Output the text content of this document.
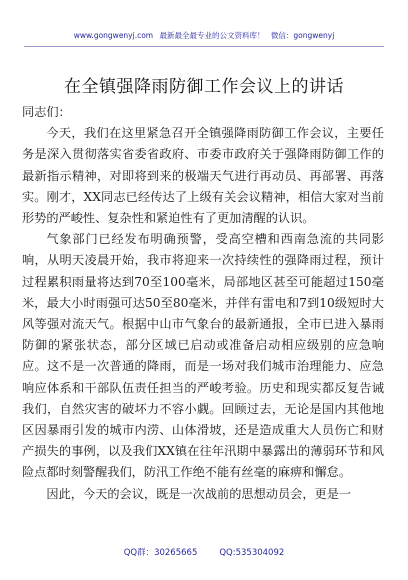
www.gongwenyj.com 最新最全最专业的公文资料库！ 微信：gongwenyj
在全镇强降雨防御工作会议上的讲话

同志们：

今天，我们在这里紧急召开全镇强降雨防御工作会议，主要任务是深入贯彻落实省委省政府、市委市政府关于强降雨防御工作的最新指示精神，对即将到来的极端天气进行再动员、再部署、再落实。刚才，XX同志已经传达了上级有关会议精神，相信大家对当前形势的严峻性、复杂性和紧迫性有了更加清醒的认识。

气象部门已经发布明确预警，受高空槽和西南急流的共同影响，从明天凌晨开始，我市将迎来一次持续性的强降雨过程，预计过程累积雨量将达到70至100毫米，局部地区甚至可能超过150毫米，最大小时雨强可达50至80毫米，并伴有雷电和7到10级短时大风等强对流天气。根据中山市气象台的最新通报，全市已进入暴雨防御的紧张状态，部分区域已启动或准备启动相应级别的应急响应。这不是一次普通的降雨，而是一场对我们城市治理能力、应急响应体系和干部队伍责任担当的严峻考验。历史和现实都反复告诫我们，自然灾害的破坏力不容小觑。回顾过去，无论是国内其他地区因暴雨引发的城市内涝、山体滑坡，还是造成重大人员伤亡和财产损失的事例，以及我们XX镇在往年汛期中暴露出的薄弱环节和风险点都时刻警醒我们，防汛工作绝不能有丝毫的麻痹和懈怠。

因此，今天的会议，既是一次战前的思想动员会，更是一

QQ群：30265665	QQ:535304092
